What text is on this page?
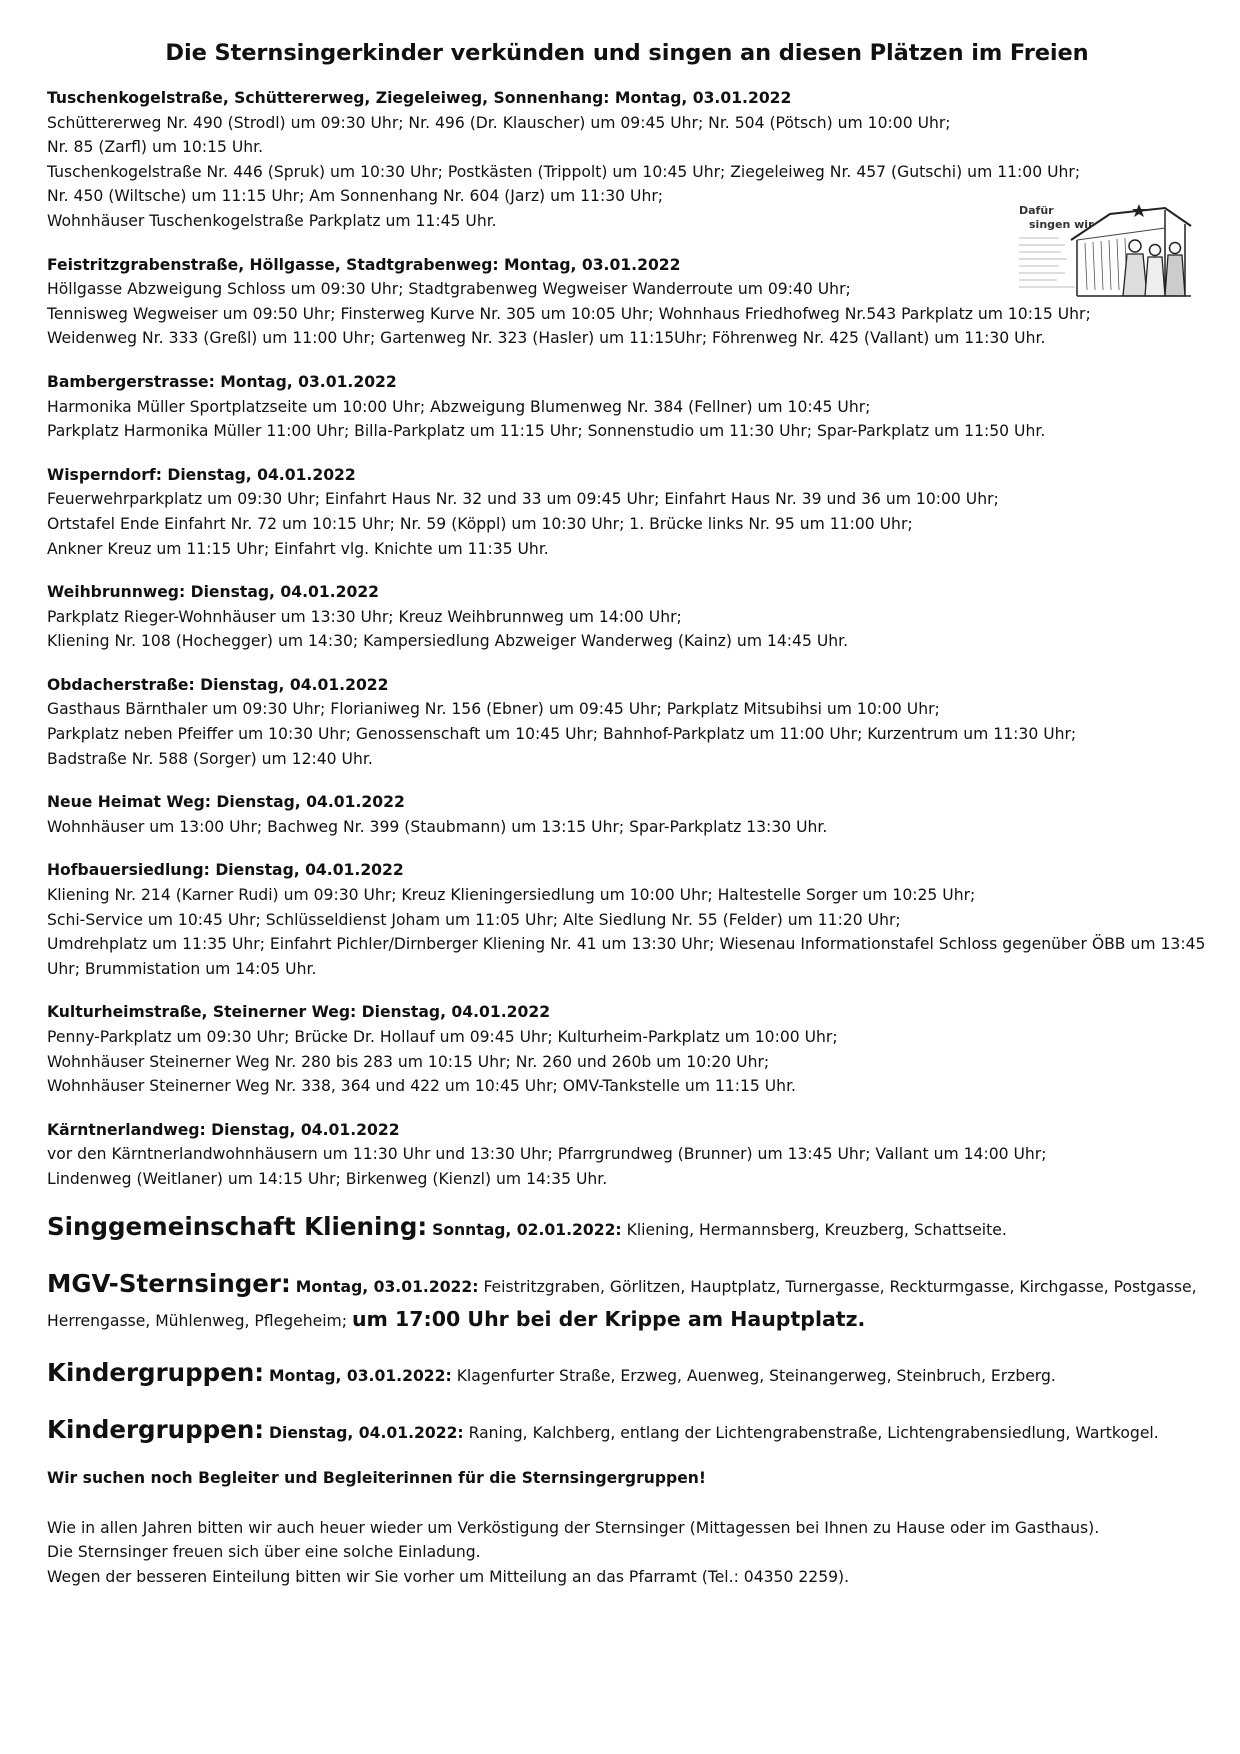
Die Sternsingerkinder verkünden und singen an diesen Plätzen im Freien
Tuschenkogelstraße, Schüttererweg, Ziegeleiweg, Sonnenhang: Montag, 03.01.2022
Schüttererweg Nr. 490 (Strodl) um 09:30 Uhr; Nr. 496 (Dr. Klauscher) um 09:45 Uhr; Nr. 504 (Pötsch) um 10:00 Uhr;
Nr. 85 (Zarfl) um 10:15 Uhr.
Tuschenkogelstraße Nr. 446 (Spruk) um 10:30 Uhr; Postkästen (Trippolt) um 10:45 Uhr; Ziegeleiweg Nr. 457 (Gutschi) um 11:00 Uhr;
Nr. 450 (Wiltsche) um 11:15 Uhr; Am Sonnenhang Nr. 604 (Jarz) um 11:30 Uhr;
Wohnhäuser Tuschenkogelstraße Parkplatz um 11:45 Uhr.
Feistritzgrabenstraße, Höllgasse, Stadtgrabenweg: Montag, 03.01.2022
Höllgasse Abzweigung Schloss um 09:30 Uhr; Stadtgrabenweg Wegweiser Wanderroute um 09:40 Uhr;
Tennisweg Wegweiser um 09:50 Uhr; Finsterweg Kurve Nr. 305 um 10:05 Uhr; Wohnhaus Friedhofweg Nr.543 Parkplatz um 10:15 Uhr;
Weidenweg Nr. 333 (Greßl) um 11:00 Uhr; Gartenweg Nr. 323 (Hasler) um 11:15Uhr; Föhrenweg Nr. 425 (Vallant) um 11:30 Uhr.
Bambergerstrasse: Montag, 03.01.2022
Harmonika Müller Sportplatzseite um 10:00 Uhr; Abzweigung Blumenweg Nr. 384 (Fellner) um 10:45 Uhr;
Parkplatz Harmonika Müller 11:00 Uhr; Billa-Parkplatz um 11:15 Uhr; Sonnenstudio um 11:30 Uhr; Spar-Parkplatz um 11:50 Uhr.
Wisperndorf: Dienstag, 04.01.2022
Feuerwehrparkplatz um 09:30 Uhr; Einfahrt Haus Nr. 32 und 33 um 09:45 Uhr; Einfahrt Haus Nr. 39 und 36 um 10:00 Uhr;
Ortstafel Ende Einfahrt Nr. 72 um 10:15 Uhr; Nr. 59 (Köppl) um 10:30 Uhr; 1. Brücke links Nr. 95 um 11:00 Uhr;
Ankner Kreuz um 11:15 Uhr; Einfahrt vlg. Knichte um 11:35 Uhr.
Weihbrunnweg: Dienstag, 04.01.2022
Parkplatz Rieger-Wohnhäuser um 13:30 Uhr; Kreuz Weihbrunnweg um 14:00 Uhr;
Kliening Nr. 108 (Hochegger) um 14:30; Kampersiedlung Abzweiger Wanderweg (Kainz) um 14:45 Uhr.
Obdacherstraße: Dienstag, 04.01.2022
Gasthaus Bärnthaler um 09:30 Uhr; Florianiweg Nr. 156 (Ebner) um 09:45 Uhr; Parkplatz Mitsubihsi um 10:00 Uhr;
Parkplatz neben Pfeiffer um 10:30 Uhr; Genossenschaft um 10:45 Uhr; Bahnhof-Parkplatz um 11:00 Uhr; Kurzentrum um 11:30 Uhr;
Badstraße Nr. 588 (Sorger) um 12:40 Uhr.
Neue Heimat Weg: Dienstag, 04.01.2022
Wohnhäuser um 13:00 Uhr; Bachweg Nr. 399 (Staubmann) um 13:15 Uhr; Spar-Parkplatz 13:30 Uhr.
Hofbauersiedlung: Dienstag, 04.01.2022
Kliening Nr. 214 (Karner Rudi) um 09:30 Uhr; Kreuz Klieningersiedlung um 10:00 Uhr; Haltestelle Sorger um 10:25 Uhr;
Schi-Service um 10:45 Uhr; Schlüsseldienst Joham um 11:05 Uhr; Alte Siedlung Nr. 55 (Felder) um 11:20 Uhr;
Umdrehplatz um 11:35 Uhr; Einfahrt Pichler/Dirnberger Kliening Nr. 41 um 13:30 Uhr; Wiesenau Informationstafel Schloss gegenüber ÖBB um 13:45 Uhr; Brummistation um 14:05 Uhr.
Kulturheimstraße, Steinerner Weg: Dienstag, 04.01.2022
Penny-Parkplatz um 09:30 Uhr; Brücke Dr. Hollauf um 09:45 Uhr; Kulturheim-Parkplatz um 10:00 Uhr;
Wohnhäuser Steinerner Weg Nr. 280 bis 283 um 10:15 Uhr; Nr. 260 und 260b um 10:20 Uhr;
Wohnhäuser Steinerner Weg Nr. 338, 364 und 422 um 10:45 Uhr; OMV-Tankstelle um 11:15 Uhr.
Kärntnerlandweg: Dienstag, 04.01.2022
vor den Kärntnerlandwohnhäusern um 11:30 Uhr und 13:30 Uhr; Pfarrgrundweg (Brunner) um 13:45 Uhr; Vallant um 14:00 Uhr;
Lindenweg (Weitlaner) um 14:15 Uhr; Birkenweg (Kienzl) um 14:35 Uhr.
Singgemeinschaft Kliening: Sonntag, 02.01.2022: Kliening, Hermannsberg, Kreuzberg, Schattseite.
MGV-Sternsinger: Montag, 03.01.2022: Feistritzgraben, Görlitzen, Hauptplatz, Turnergasse, Reckturmgasse, Kirchgasse, Postgasse, Herrengasse, Mühlenweg, Pflegeheim; um 17:00 Uhr bei der Krippe am Hauptplatz.
Kindergruppen: Montag, 03.01.2022: Klagenfurter Straße, Erzweg, Auenweg, Steinangerweg, Steinbruch, Erzberg.
Kindergruppen: Dienstag, 04.01.2022: Raning, Kalchberg, entlang der Lichtengrabenstraße, Lichtengrabensiedlung, Wartkogel.
Wir suchen noch Begleiter und Begleiterinnen für die Sternsingergruppen!
Wie in allen Jahren bitten wir auch heuer wieder um Verköstigung der Sternsinger (Mittagessen bei Ihnen zu Hause oder im Gasthaus).
Die Sternsinger freuen sich über eine solche Einladung.
Wegen der besseren Einteilung bitten wir Sie vorher um Mitteilung an das Pfarramt (Tel.: 04350 2259).
Dafür
singen wir
